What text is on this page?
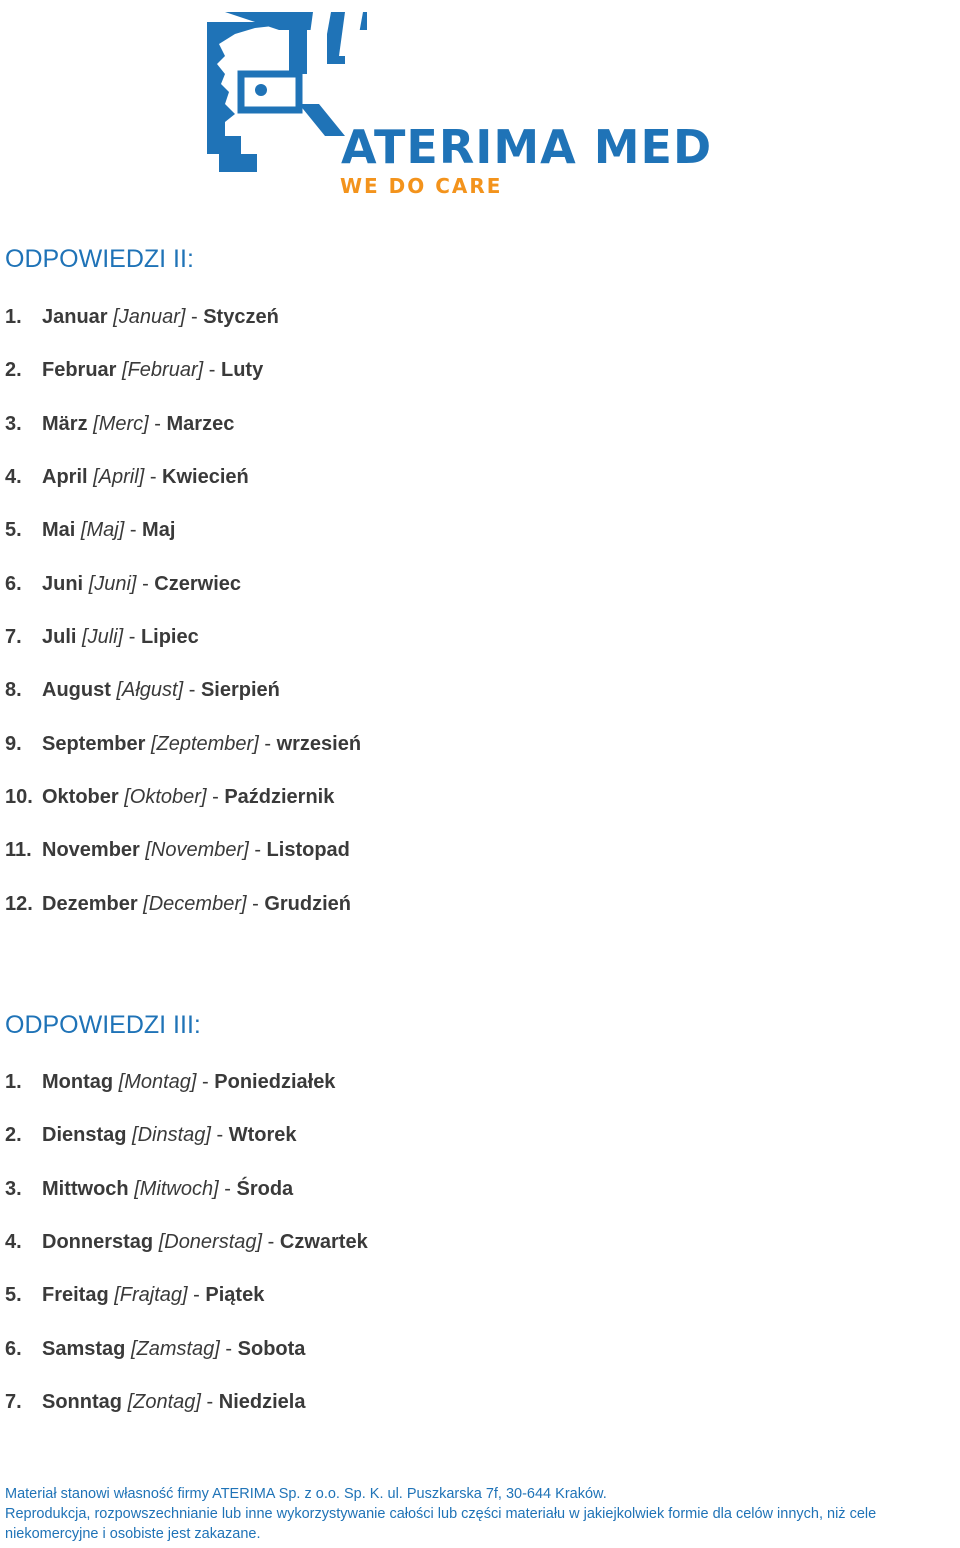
ATERIMA MED
WE DO CARE
ODPOWIEDZI II:
1. Januar [Januar] - Styczeń
2. Februar [Februar] - Luty
3. März [Merc] - Marzec
4. April [April] - Kwiecień
5. Mai [Maj] - Maj
6. Juni [Juni] - Czerwiec
7. Juli [Juli] - Lipiec
8. August [Ałgust] - Sierpień
9. September [Zeptember] - wrzesień
10. Oktober [Oktober] - Październik
11. November [November] - Listopad
12. Dezember [December] - Grudzień
ODPOWIEDZI III:
1. Montag [Montag] - Poniedziałek
2. Dienstag [Dinstag] - Wtorek
3. Mittwoch [Mitwoch] - Środa
4. Donnerstag [Donerstag] - Czwartek
5. Freitag [Frajtag] - Piątek
6. Samstag [Zamstag] - Sobota
7. Sonntag [Zontag] - Niedziela

Materiał stanowi własność firmy ATERIMA Sp. z o.o. Sp. K. ul. Puszkarska 7f, 30-644 Kraków.

Reprodukcja, rozpowszechnianie lub inne wykorzystywanie całości lub części materiału w jakiejkolwiek formie dla celów innych, niż cele niekomercyjne i osobiste jest zakazane.
